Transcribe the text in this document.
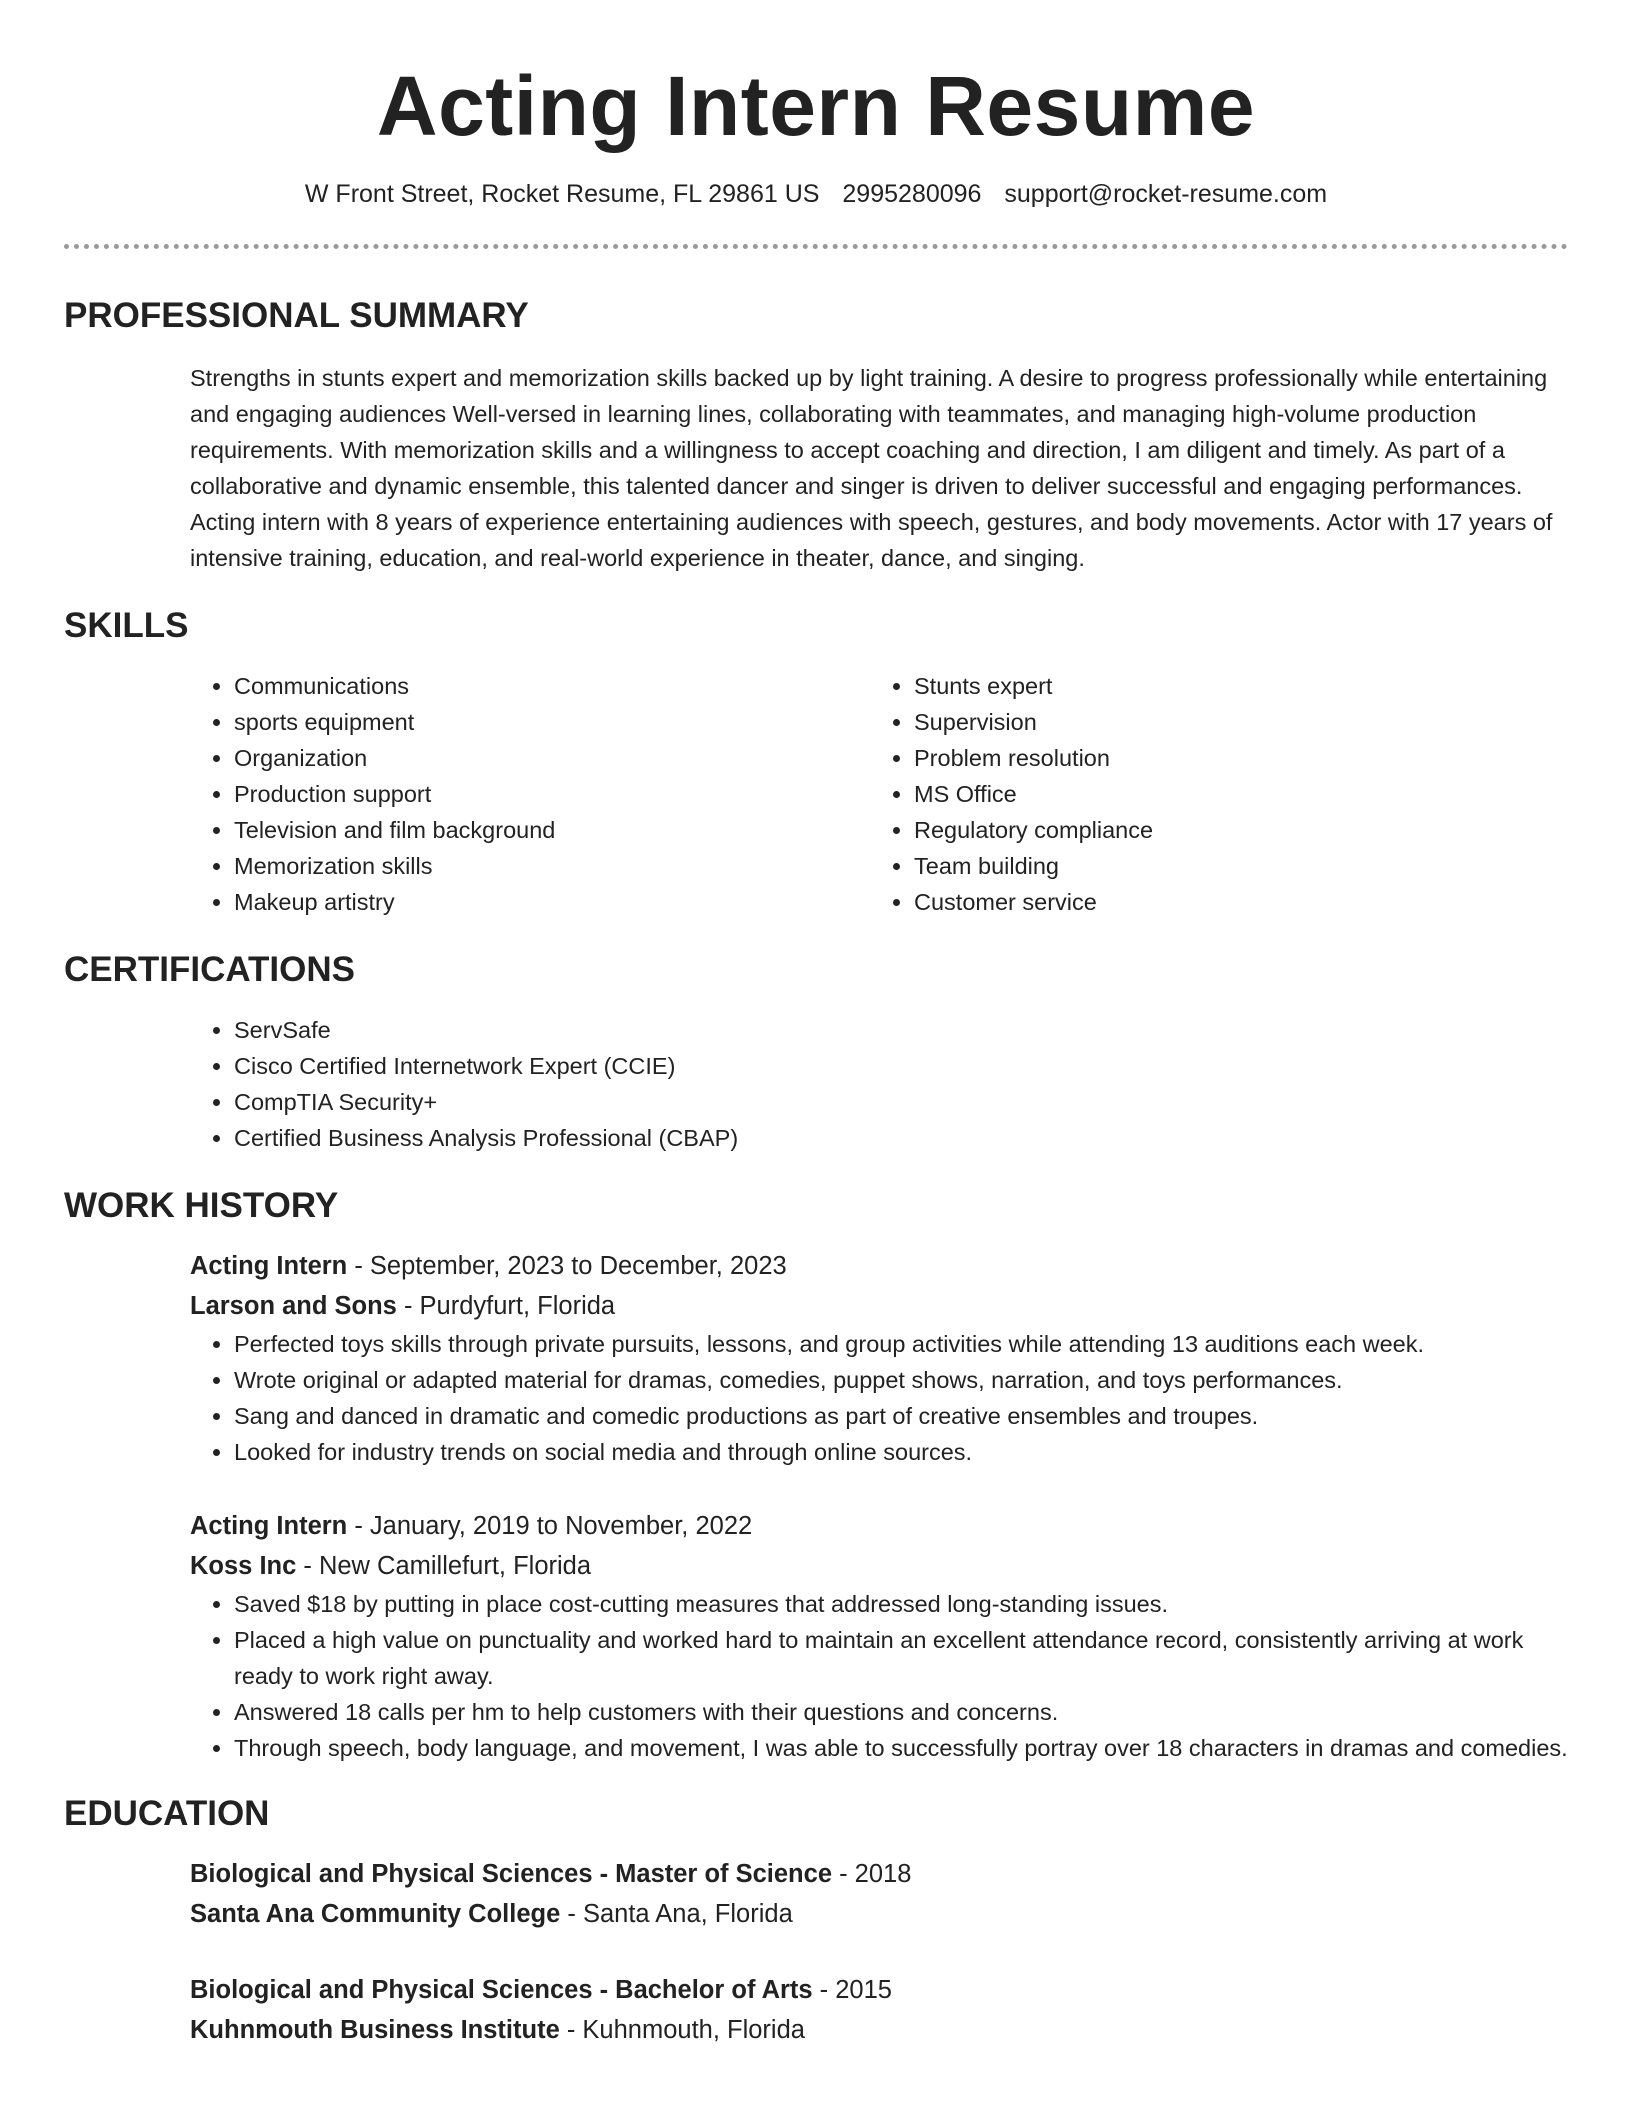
Acting Intern Resume
W Front Street, Rocket Resume, FL 29861 US 2995280096 support@rocket-resume.com
PROFESSIONAL SUMMARY

Strengths in stunts expert and memorization skills backed up by light training. A desire to progress professionally while entertaining and engaging audiences Well-versed in learning lines, collaborating with teammates, and managing high-volume production requirements. With memorization skills and a willingness to accept coaching and direction, I am diligent and timely. As part of a collaborative and dynamic ensemble, this talented dancer and singer is driven to deliver successful and engaging performances. Acting intern with 8 years of experience entertaining audiences with speech, gestures, and body movements. Actor with 17 years of intensive training, education, and real-world experience in theater, dance, and singing.

SKILLS
• Communications
• sports equipment
• Organization
• Production support
• Television and film background
• Memorization skills
• Makeup artistry
• Stunts expert
• Supervision
• Problem resolution
• MS Office
• Regulatory compliance
• Team building
• Customer service
CERTIFICATIONS
• ServSafe
• Cisco Certified Internetwork Expert (CCIE)
• CompTIA Security+
• Certified Business Analysis Professional (CBAP)
WORK HISTORY
Acting Intern - September, 2023 to December, 2023
Larson and Sons - Purdyfurt, Florida
• Perfected toys skills through private pursuits, lessons, and group activities while attending 13 auditions each week.
• Wrote original or adapted material for dramas, comedies, puppet shows, narration, and toys performances.
• Sang and danced in dramatic and comedic productions as part of creative ensembles and troupes.
• Looked for industry trends on social media and through online sources.
Acting Intern - January, 2019 to November, 2022
Koss Inc - New Camillefurt, Florida
• Saved $18 by putting in place cost-cutting measures that addressed long-standing issues.
• Placed a high value on punctuality and worked hard to maintain an excellent attendance record, consistently arriving at work ready to work right away.
• Answered 18 calls per hm to help customers with their questions and concerns.
• Through speech, body language, and movement, I was able to successfully portray over 18 characters in dramas and comedies.
EDUCATION
Biological and Physical Sciences - Master of Science - 2018
Santa Ana Community College - Santa Ana, Florida
Biological and Physical Sciences - Bachelor of Arts - 2015
Kuhnmouth Business Institute - Kuhnmouth, Florida
